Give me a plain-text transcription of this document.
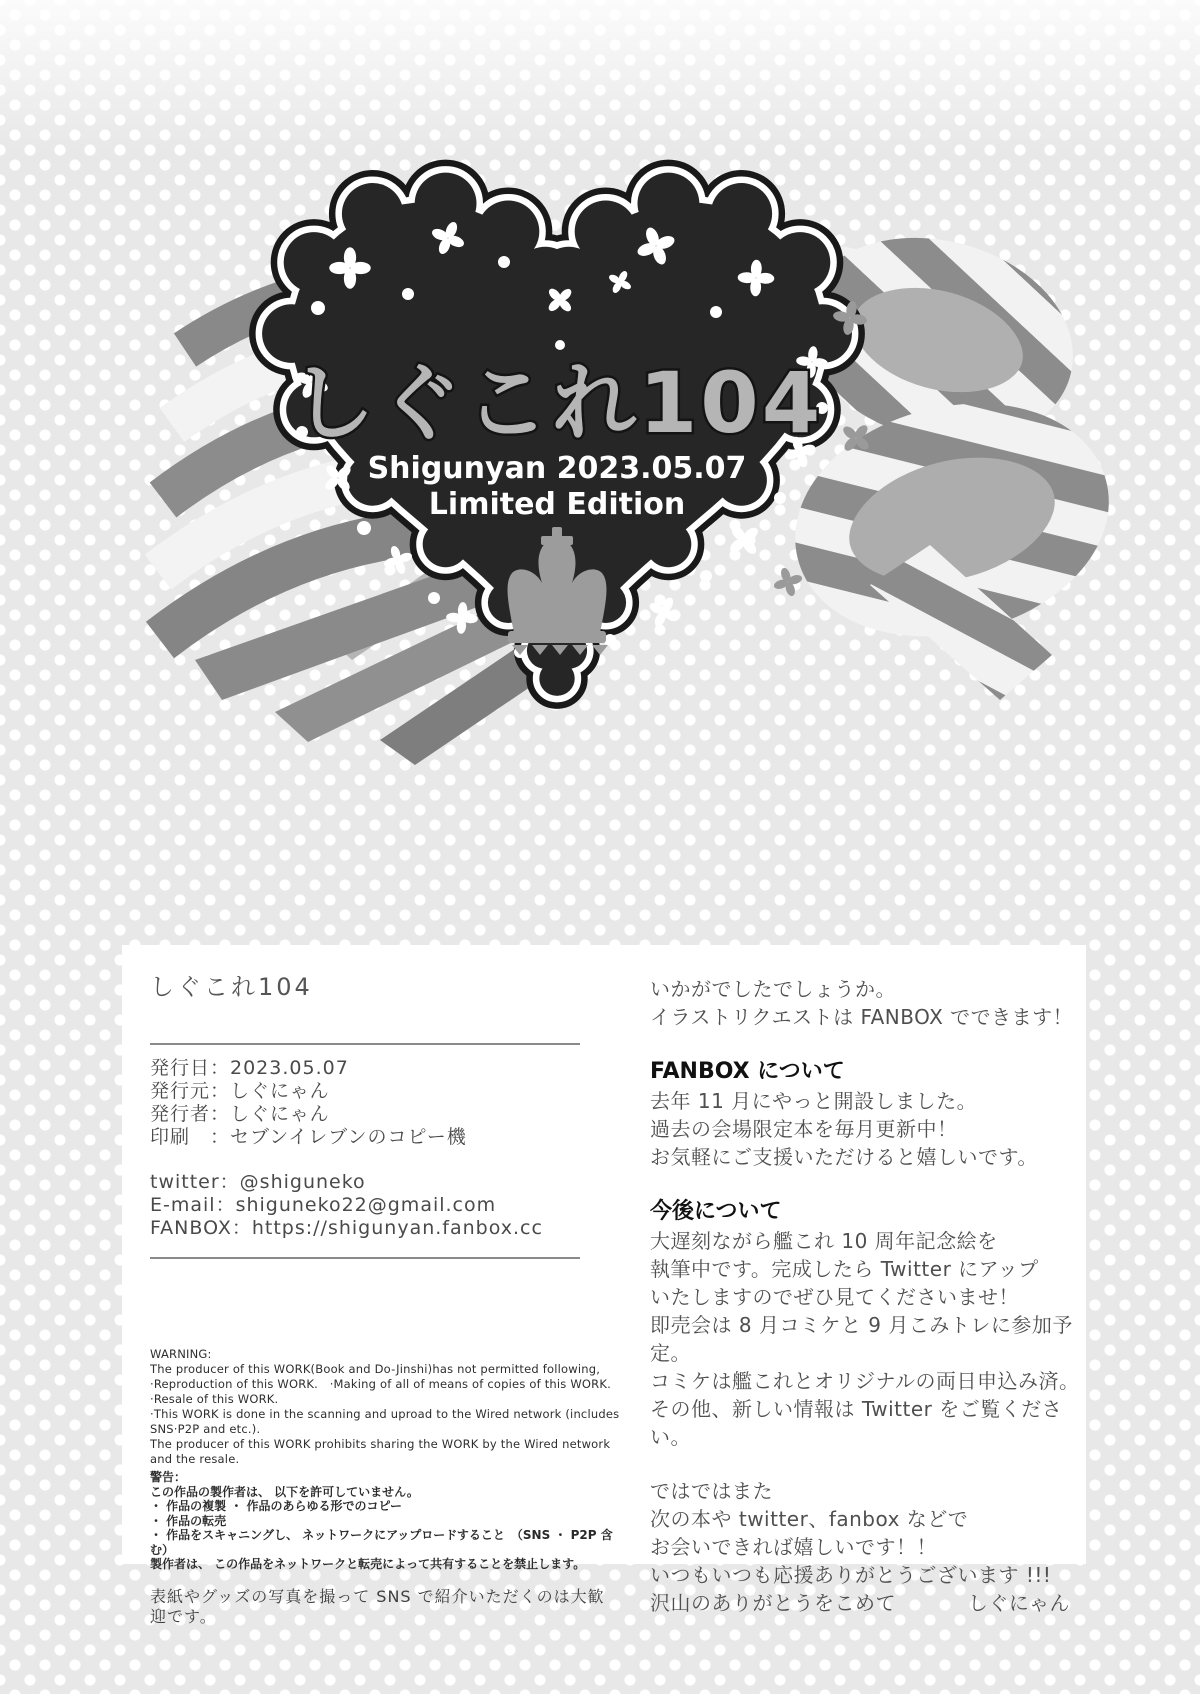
しぐこれ104
Shigunyan 2023.05.07
Limited Edition
しぐこれ104
発行日：2023.05.07
発行元：しぐにゃん
発行者：しぐにゃん
印刷　：セブンイレブンのコピー機
twitter：@shiguneko
E-mail：shiguneko22@gmail.com
FANBOX：https://shigunyan.fanbox.cc
WARNING:
The producer of this WORK(Book and Do-Jinshi)has not permitted following,
·Reproduction of this WORK.　·Making of all of means of copies of this WORK.
·Resale of this WORK.
·This WORK is done in the scanning and uproad to the Wired network (includes SNS·P2P and etc.).
The producer of this WORK prohibits sharing the WORK by the Wired network and the resale.
警告：
この作品の製作者は、 以下を許可していません。
・ 作品の複製 ・ 作品のあらゆる形でのコピー
・ 作品の転売
・ 作品をスキャニングし、 ネットワークにアップロードすること　（SNS ・ P2P 含む）
製作者は、 この作品をネットワークと転売によって共有することを禁止します。
表紙やグッズの写真を撮って SNS で紹介いただくのは大歓迎です。
いかがでしたでしょうか。
イラストリクエストは FANBOX でできます！
FANBOX について
去年 11 月にやっと開設しました。
過去の会場限定本を毎月更新中！
お気軽にご支援いただけると嬉しいです。
今後について
大遅刻ながら艦これ 10 周年記念絵を
執筆中です。完成したら Twitter にアップ
いたしますのでぜひ見てくださいませ！
即売会は 8 月コミケと 9 月こみトレに参加予定。
コミケは艦これとオリジナルの両日申込み済。
その他、新しい情報は Twitter をご覧ください。
ではではまた
次の本や twitter、fanbox などで
お会いできれば嬉しいです！！
いつもいつも応援ありがとうございます !!!
沢山のありがとうをこめて	しぐにゃん
